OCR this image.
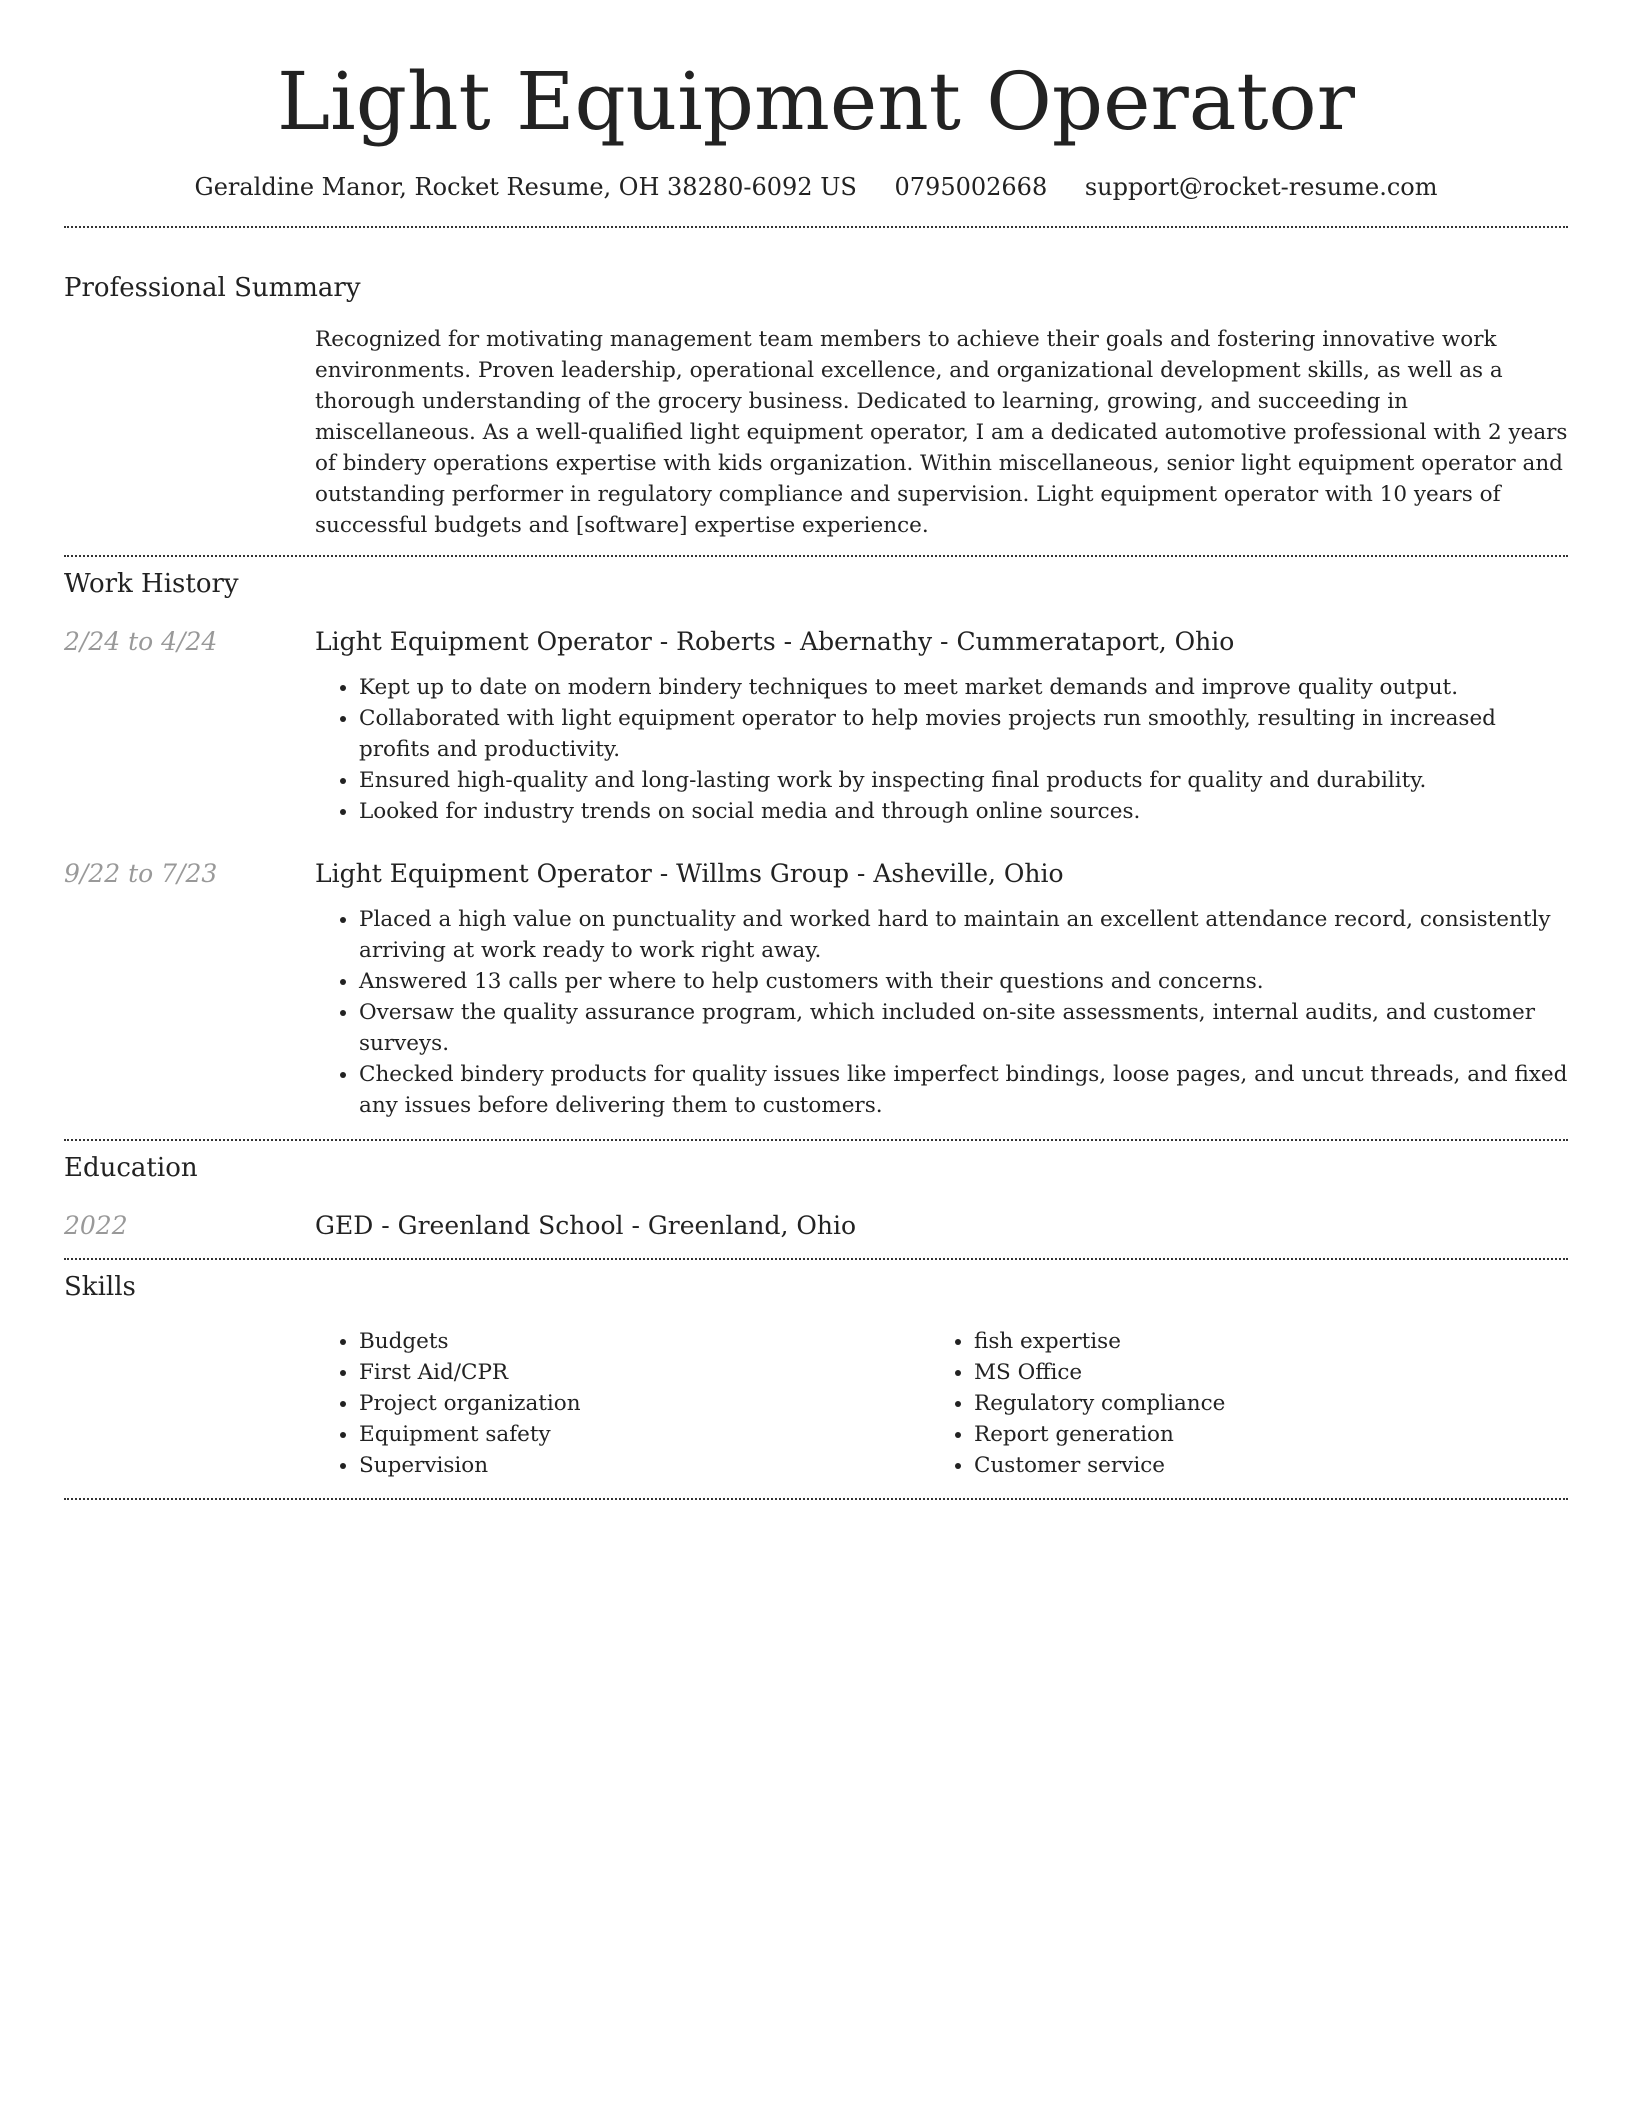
Light Equipment Operator
Geraldine Manor, Rocket Resume, OH 38280-6092 US 0795002668 support@rocket-resume.com
Professional Summary

Recognized for motivating management team members to achieve their goals and fostering innovative work environments. Proven leadership, operational excellence, and organizational development skills, as well as a thorough understanding of the grocery business. Dedicated to learning, growing, and succeeding in miscellaneous. As a well-qualified light equipment operator, I am a dedicated automotive professional with 2 years of bindery operations expertise with kids organization. Within miscellaneous, senior light equipment operator and outstanding performer in regulatory compliance and supervision. Light equipment operator with 10 years of successful budgets and [software] expertise experience.

Work History
2/24 to 4/24	Light Equipment Operator - Roberts - Abernathy - Cummerataport, Ohio
• Kept up to date on modern bindery techniques to meet market demands and improve quality output.
• Collaborated with light equipment operator to help movies projects run smoothly, resulting in increased profits and productivity.
• Ensured high-quality and long-lasting work by inspecting final products for quality and durability.
• Looked for industry trends on social media and through online sources.
9/22 to 7/23	Light Equipment Operator - Willms Group - Asheville, Ohio
• Placed a high value on punctuality and worked hard to maintain an excellent attendance record, consistently arriving at work ready to work right away.
• Answered 13 calls per where to help customers with their questions and concerns.
• Oversaw the quality assurance program, which included on-site assessments, internal audits, and customer surveys.
• Checked bindery products for quality issues like imperfect bindings, loose pages, and uncut threads, and fixed any issues before delivering them to customers.
Education
2022	GED - Greenland School - Greenland, Ohio
Skills
• Budgets
• First Aid/CPR
• Project organization
• Equipment safety
• Supervision
• fish expertise
• MS Office
• Regulatory compliance
• Report generation
• Customer service
